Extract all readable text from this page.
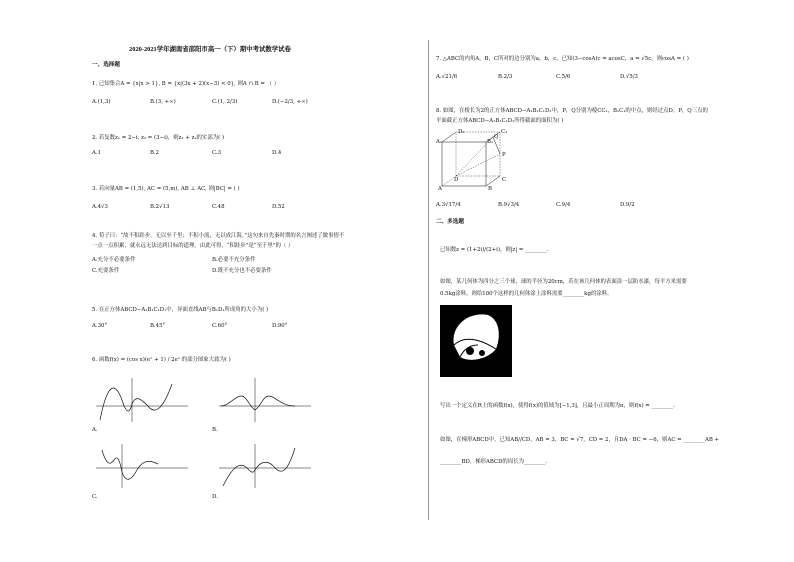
2020-2021学年湖南省邵阳市高一（下）期中考试数学试卷
一、选择题
1. 已知集合A = {x|x > 1}, B = {x|(3x + 2)(x−3) < 0}, 则A ∩ B = （ ）
A.(1,3)	B.(3, +∞)	C.(1, 2/3)	D.(−2/3, +∞)
2. 若复数z₁ = 2−i, z₂ = (3−i)，则z₁ + z₂的实部为( )
A.1	B.2	C.3	D.4
3. 若向量AB = (1,5), AC = (5,m), AB ⊥ AC, 则|BC| = ( )
A.4√3	B.2√13	C.48	D.52
4. 荀子曰：“故不积跬步，无以至千里；不积小流，无以成江海。”这句来自先秦时期的名言阐述了做事情不
一点一点积累，就永远无法达到目标的道理。由此可得，“积跬步”是“至千里”的（ ）
A.充分不必要条件	B.必要不充分条件
C.充要条件	D.既不充分也不必要条件
5. 在正方体ABCD−A₁B₁C₁D₁中，异面直线AB与B₁D₁所成角的大小为( )
A.30°	B.45°	C.60°	D.90°
6. 函数f(x) = (cos x)(eˣ + 1) / 2eˣ 的部分图象大致为( )
A.	B.
C.	D.
7. △ABC的内角A，B，C所对的边分别为a，b，c，已知(3−cosA)c = acosC，a = √5c，则cosA = ( )
A.√21/6	B.2/3	C.5/6	D.√5/3
8. 如图，在棱长为2的正方体ABCD−A₁B₁C₁D₁中，P，Q分别为棱CC₁，B₁C₁的中点，则经过点D，P，Q三点的
平面截正方体ABCD−A₁B₁C₁D₁所得截面的面积为( )
A₁	B₁
D₁	C₁
P
Q
A	B
D	C
A.3√17/4	B.9√3/4	C.9/4	D.9/2
二、多选题
已知数z = (1+2i)/(2+i)，则|z| = ________.
如图，某几何体为四分之三个球，球的半径为20cm，若在该几何体的表面涂一层防水漆，每平方米需要
0.5kg涂料，则给100个这样的几何体涂上涂料需要________kg的涂料。
写出一个定义在R上的函数f(x)，使得f(x)的值域为[−1,3]，且最小正周期为π，则f(x) = ________.
如图，在梯形ABCD中，已知AB//CD，AB = 3，BC = √7，CD = 2，且DA · BC = −6，则AC = ________AB +
________BD，梯形ABCD的周长为________.
